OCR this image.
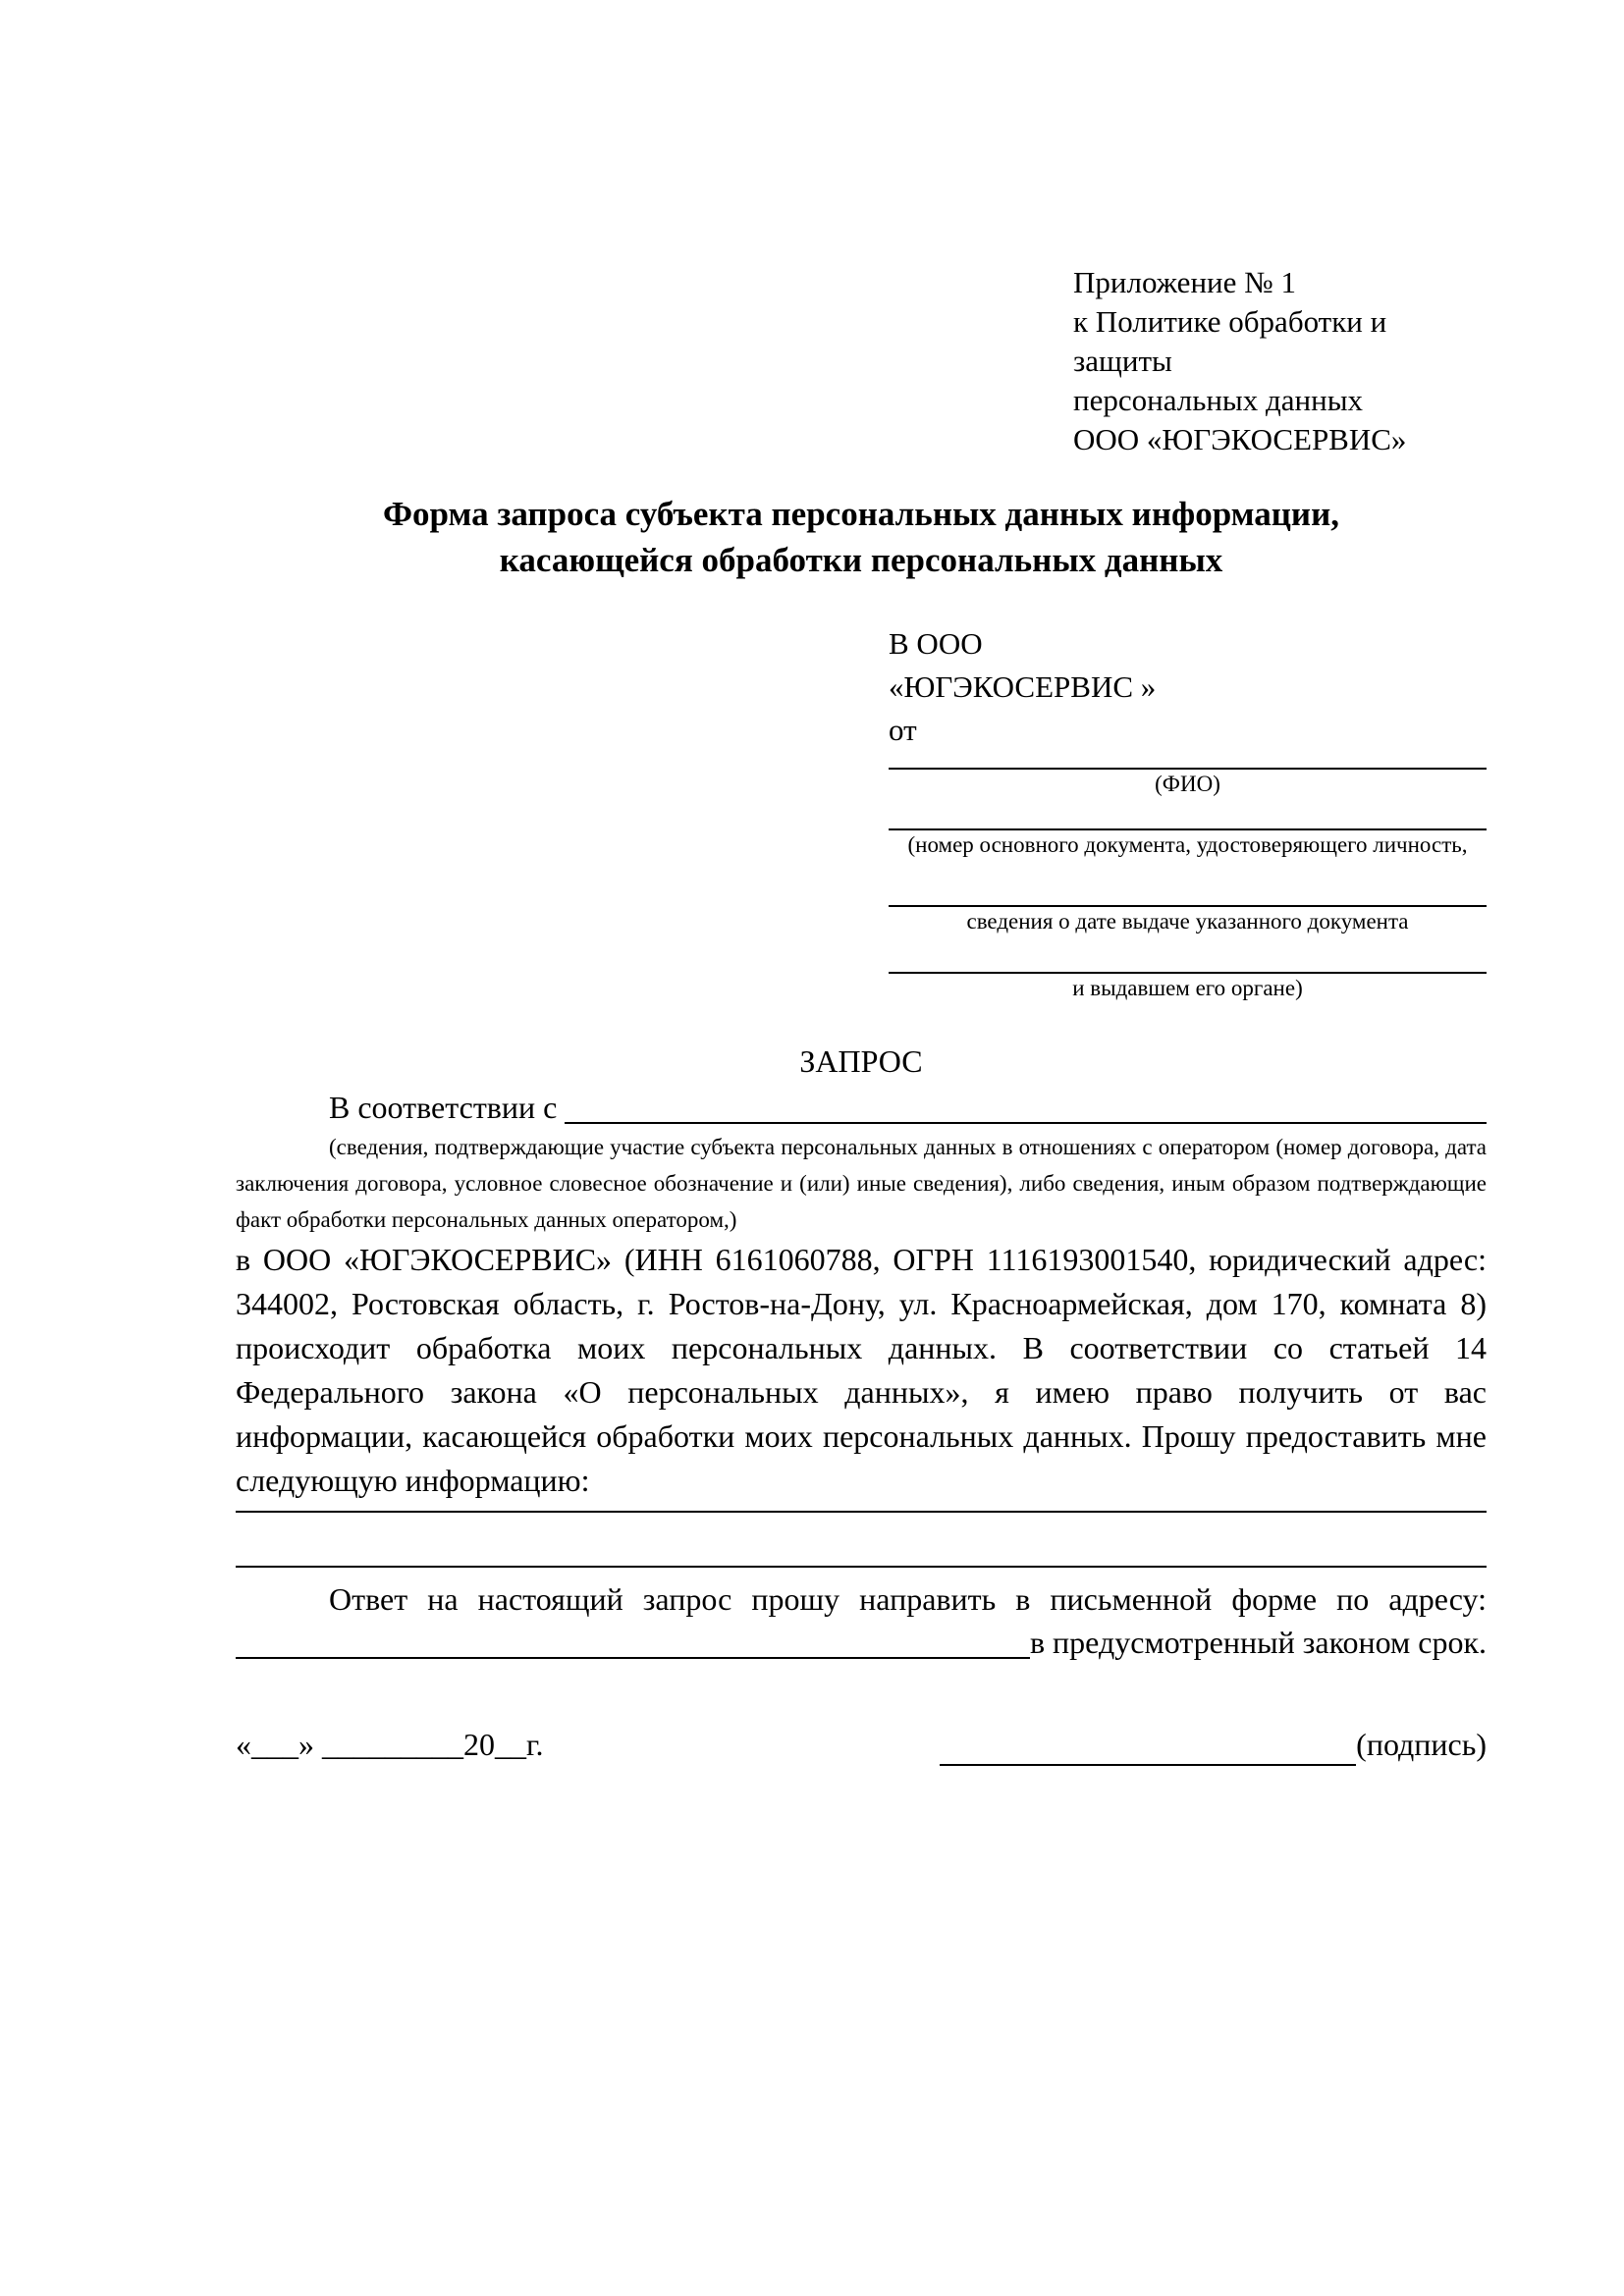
Приложение № 1
к Политике обработки и защиты
персональных данных
ООО «ЮГЭКОСЕРВИС»
Форма запроса субъекта персональных данных информации,
касающейся обработки персональных данных
В ООО
«ЮГЭКОСЕРВИС »
от
(ФИО)
(номер основного документа, удостоверяющего личность,
сведения о дате выдаче указанного документа
и выдавшем его органе)
ЗАПРОС
В соответствии с
(сведения, подтверждающие участие субъекта персональных данных в отношениях с оператором (номер договора, дата заключения договора, условное словесное обозначение и (или) иные сведения), либо сведения, иным образом подтверждающие факт обработки персональных данных оператором,)
в ООО «ЮГЭКОСЕРВИС» (ИНН 6161060788, ОГРН 1116193001540, юридический адрес: 344002, Ростовская область, г. Ростов-на-Дону, ул. Красноармейская, дом 170, комната 8) происходит обработка моих персональных данных. В соответствии со статьей 14 Федерального закона «О персональных данных», я имею право получить от вас информации, касающейся обработки моих персональных данных. Прошу предоставить мне следующую информацию:
Ответ на настоящий запрос прошу направить в письменной форме по адресу:
в предусмотренный законом срок.
«___» _________20__г.	(подпись)
